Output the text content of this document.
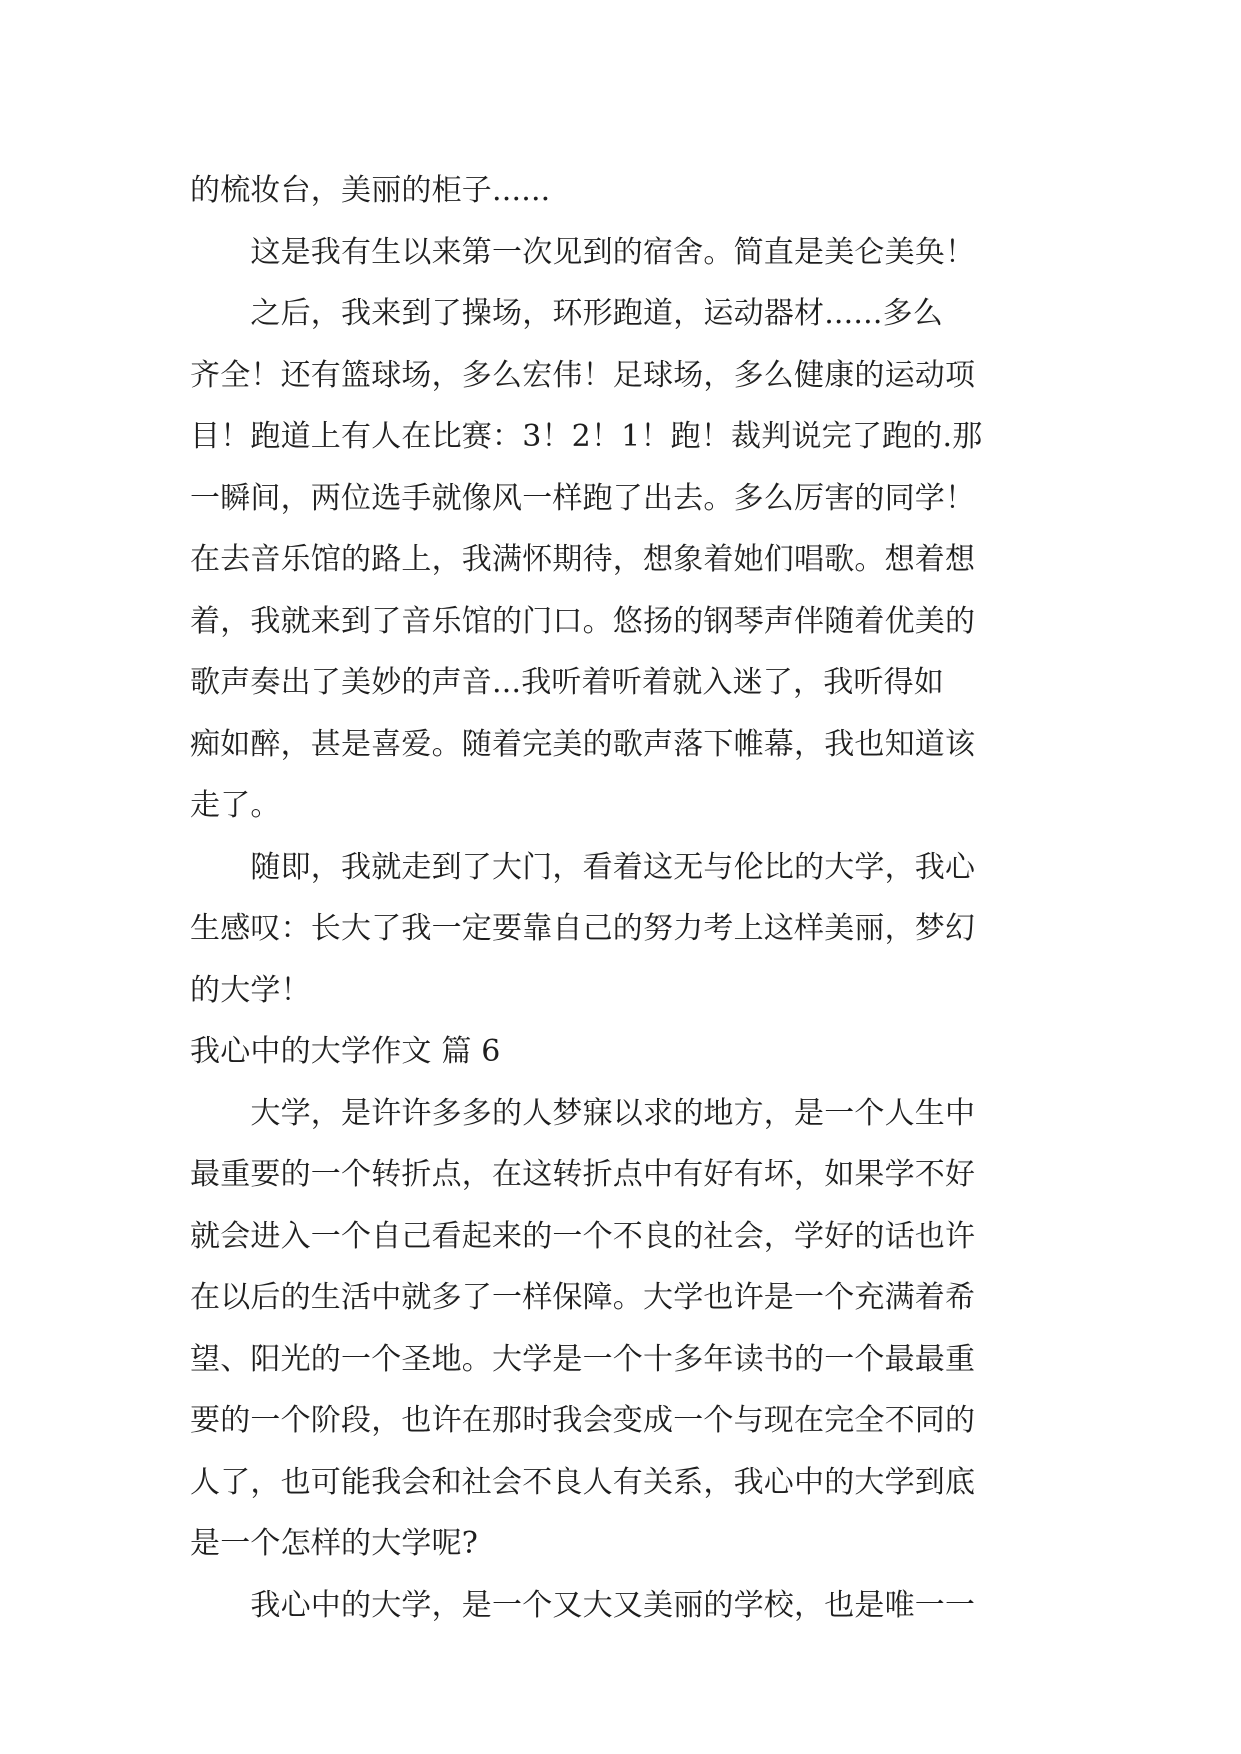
的梳妆台，美丽的柜子......
　　这是我有生以来第一次见到的宿舍。简直是美仑美奂！
　　之后，我来到了操场，环形跑道，运动器材......多么
齐全！还有篮球场，多么宏伟！足球场，多么健康的运动项
目！跑道上有人在比赛：3！2！1！跑！裁判说完了跑的.那
一瞬间，两位选手就像风一样跑了出去。多么厉害的同学！
在去音乐馆的路上，我满怀期待，想象着她们唱歌。想着想
着，我就来到了音乐馆的门口。悠扬的钢琴声伴随着优美的
歌声奏出了美妙的声音...我听着听着就入迷了，我听得如
痴如醉，甚是喜爱。随着完美的歌声落下帷幕，我也知道该
走了。
　　随即，我就走到了大门，看着这无与伦比的大学，我心
生感叹：长大了我一定要靠自己的努力考上这样美丽，梦幻
的大学！
我心中的大学作文 篇 6
　　大学，是许许多多的人梦寐以求的地方，是一个人生中
最重要的一个转折点，在这转折点中有好有坏，如果学不好
就会进入一个自己看起来的一个不良的社会，学好的话也许
在以后的生活中就多了一样保障。大学也许是一个充满着希
望、阳光的一个圣地。大学是一个十多年读书的一个最最重
要的一个阶段，也许在那时我会变成一个与现在完全不同的
人了，也可能我会和社会不良人有关系，我心中的大学到底
是一个怎样的大学呢?
　　我心中的大学，是一个又大又美丽的学校，也是唯一一
